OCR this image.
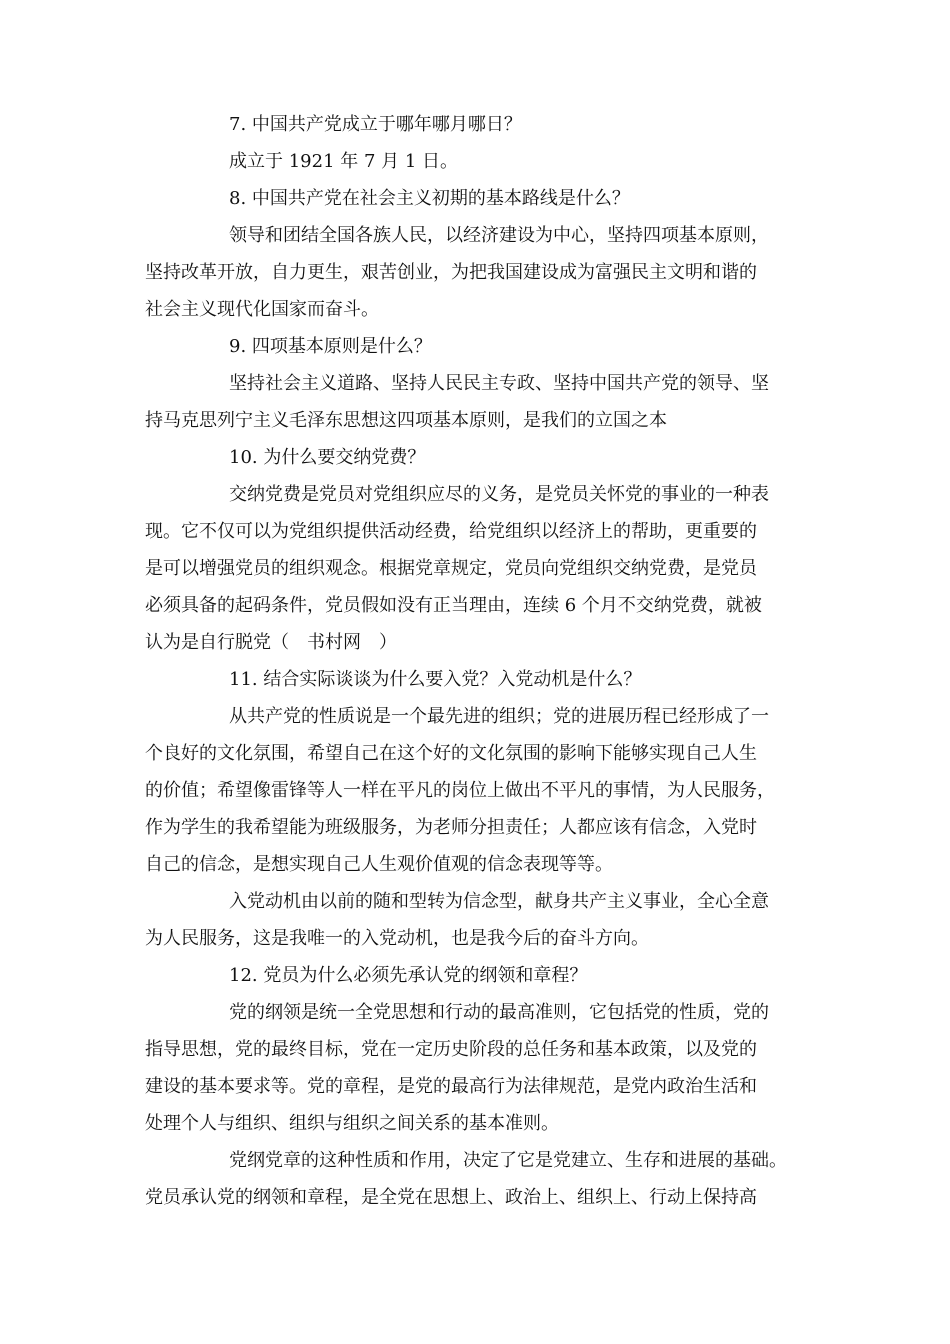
7. 中国共产党成立于哪年哪月哪日？
成立于 1921 年 7 月 1 日。
8. 中国共产党在社会主义初期的基本路线是什么？
领导和团结全国各族人民，以经济建设为中心，坚持四项基本原则，
坚持改革开放，自力更生，艰苦创业，为把我国建设成为富强民主文明和谐的
社会主义现代化国家而奋斗。
9. 四项基本原则是什么？
坚持社会主义道路、坚持人民民主专政、坚持中国共产党的领导、坚
持马克思列宁主义毛泽东思想这四项基本原则，是我们的立国之本
10. 为什么要交纳党费？
交纳党费是党员对党组织应尽的义务，是党员关怀党的事业的一种表
现。它不仅可以为党组织提供活动经费，给党组织以经济上的帮助，更重要的
是可以增强党员的组织观念。根据党章规定，党员向党组织交纳党费，是党员
必须具备的起码条件，党员假如没有正当理由，连续 6 个月不交纳党费，就被
认为是自行脱党（　书村网　）
11. 结合实际谈谈为什么要入党？入党动机是什么？
从共产党的性质说是一个最先进的组织；党的进展历程已经形成了一
个良好的文化氛围，希望自己在这个好的文化氛围的影响下能够实现自己人生
的价值；希望像雷锋等人一样在平凡的岗位上做出不平凡的事情，为人民服务，
作为学生的我希望能为班级服务，为老师分担责任；人都应该有信念，入党时
自己的信念，是想实现自己人生观价值观的信念表现等等。
入党动机由以前的随和型转为信念型，献身共产主义事业，全心全意
为人民服务，这是我唯一的入党动机，也是我今后的奋斗方向。
12. 党员为什么必须先承认党的纲领和章程？
党的纲领是统一全党思想和行动的最高准则，它包括党的性质，党的
指导思想，党的最终目标，党在一定历史阶段的总任务和基本政策，以及党的
建设的基本要求等。党的章程，是党的最高行为法律规范，是党内政治生活和
处理个人与组织、组织与组织之间关系的基本准则。
党纲党章的这种性质和作用，决定了它是党建立、生存和进展的基础。
党员承认党的纲领和章程，是全党在思想上、政治上、组织上、行动上保持高
